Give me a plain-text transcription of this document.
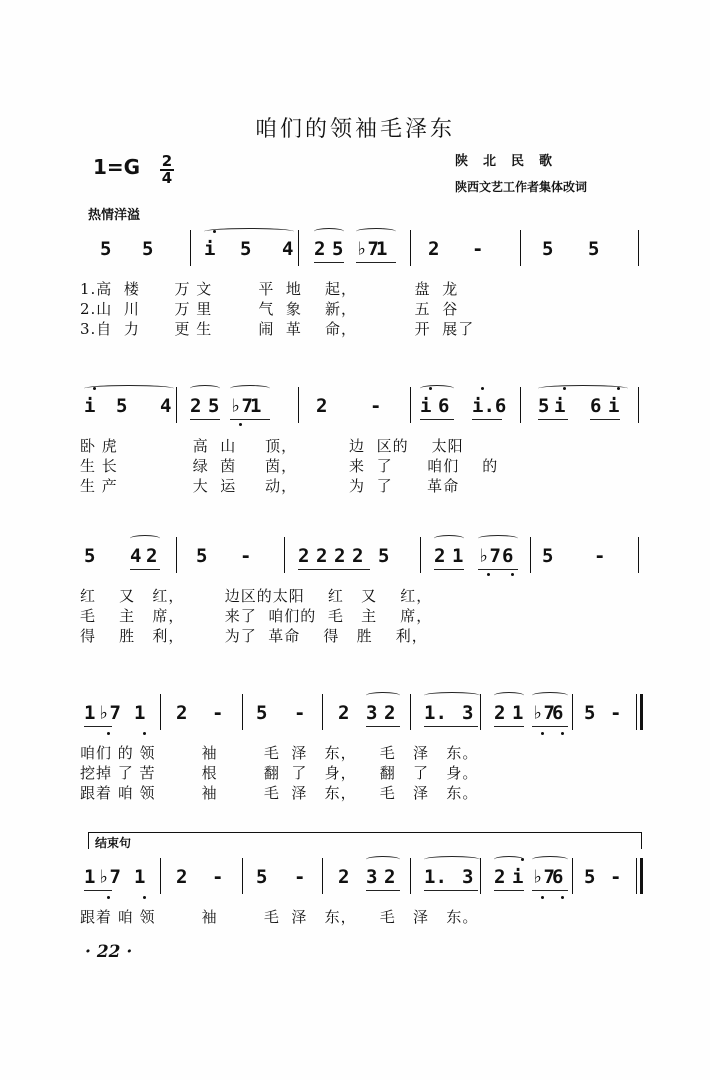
咱们的领袖毛泽东
1=G 2
4
陕北民歌
陕西文艺工作者集体改词
热情洋溢
5 5	i 5 4 2 5 ♭7
1 2 -	5 5
1.高  楼      万 文        平  地    起，          盘  龙
2.山  川      万 里        气  象    新，          五  谷
3.自  力      更 生        闹  革    命，          开  展了
i 5 4 2 5 ♭7
1	2 - i 6 i.6 5 i 6 i
卧 虎             高  山     顶，         边  区的    太阳
生 长             绿  茵     茵，         来  了      咱们    的
生 产             大  运     动，         为  了      革命
5 4 2 5 - 2 2 2 2 5 2 1 ♭7 6 5 -
红    又   红，       边区的太阳    红   又    红，
毛    主   席，       来了  咱们的  毛   主    席，
得    胜   利，       为了  革命    得   胜    利，
1 ♭7 1 2 - 5 - 2 3 2 1. 3 2 1 ♭7
6 5 -
咱们 的 领        袖        毛  泽   东，    毛   泽   东。
挖掉 了 苦        根        翻  了   身，    翻   了   身。
跟着 咱 领        袖        毛  泽   东，    毛   泽   东。
1 ♭7 1 2 - 5 - 2 3 2 1. 3 2 i ♭7
6 5 -
跟着 咱 领        袖        毛  泽   东，    毛   泽   东。
结束句
· 22 ·
